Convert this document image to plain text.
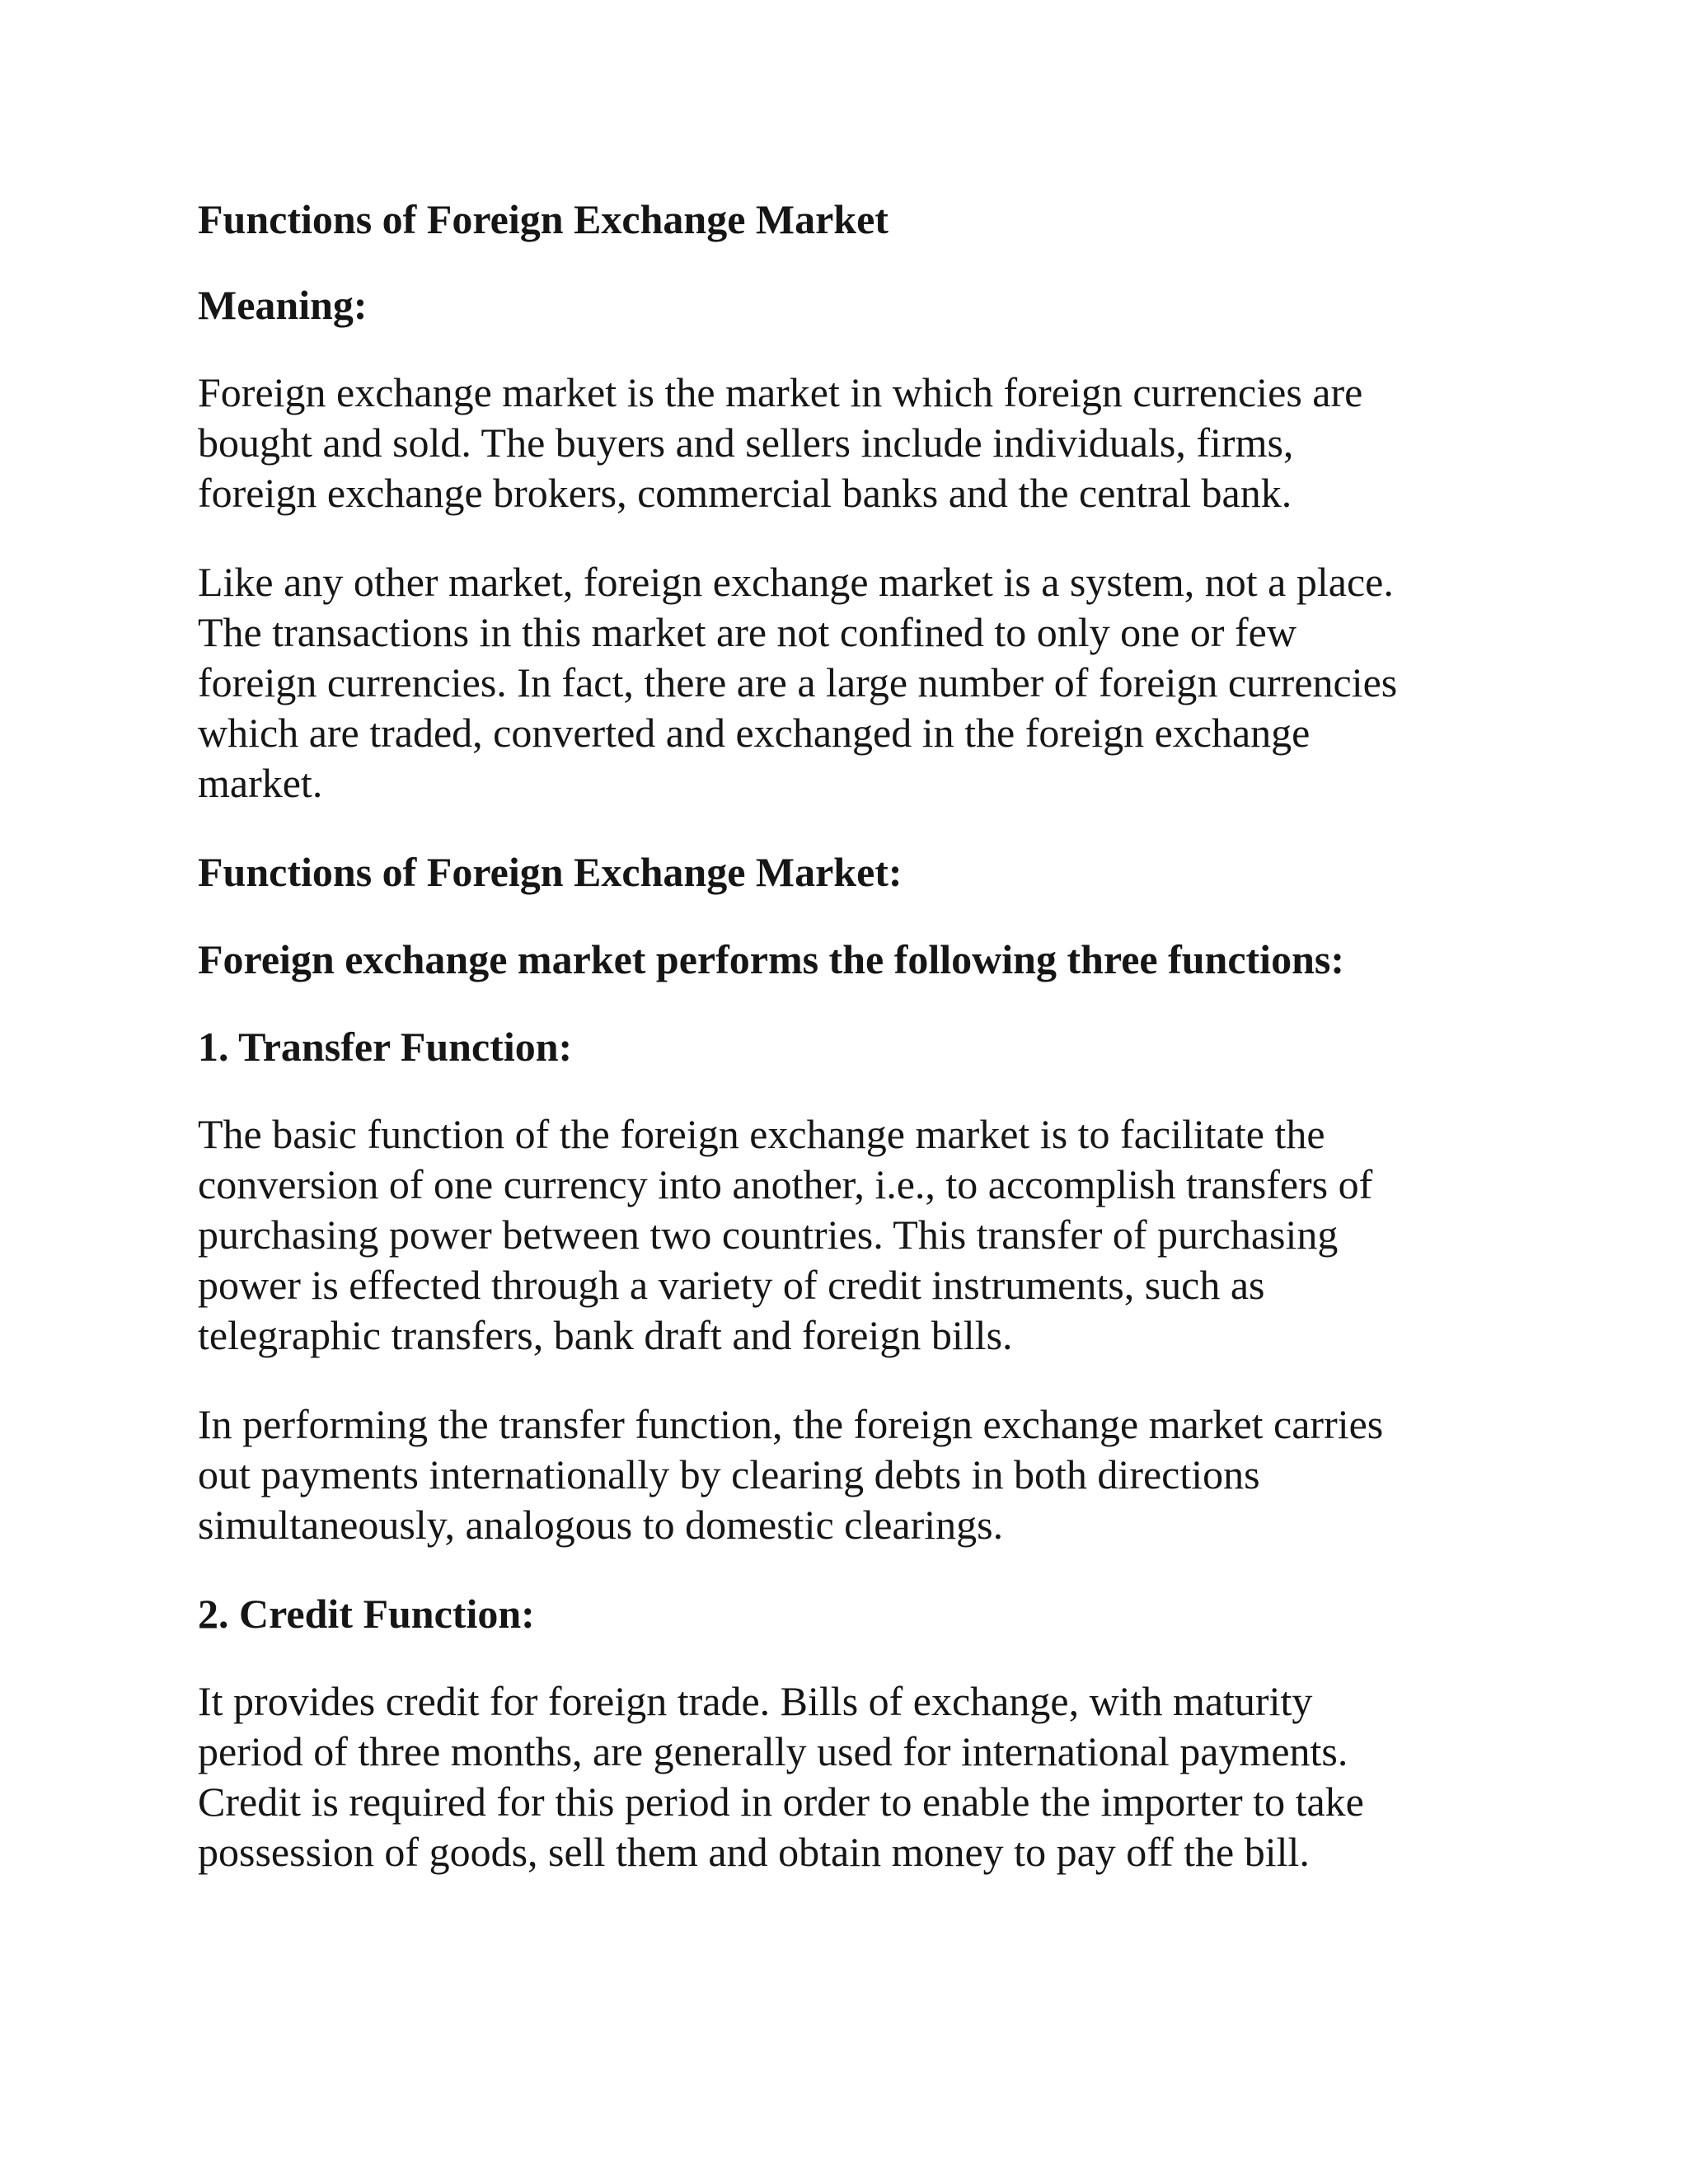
Functions of Foreign Exchange Market
Meaning:
Foreign exchange market is the market in which foreign currencies are
bought and sold. The buyers and sellers include individuals, firms,
foreign exchange brokers, commercial banks and the central bank.
Like any other market, foreign exchange market is a system, not a place.
The transactions in this market are not confined to only one or few
foreign currencies. In fact, there are a large number of foreign currencies
which are traded, converted and exchanged in the foreign exchange
market.
Functions of Foreign Exchange Market:
Foreign exchange market performs the following three functions:
1. Transfer Function:
The basic function of the foreign exchange market is to facilitate the
conversion of one currency into another, i.e., to accomplish transfers of
purchasing power between two countries. This transfer of purchasing
power is effected through a variety of credit instruments, such as
telegraphic transfers, bank draft and foreign bills.
In performing the transfer function, the foreign exchange market carries
out payments internationally by clearing debts in both directions
simultaneously, analogous to domestic clearings.
2. Credit Function:
It provides credit for foreign trade. Bills of exchange, with maturity
period of three months, are generally used for international payments.
Credit is required for this period in order to enable the importer to take
possession of goods, sell them and obtain money to pay off the bill.
